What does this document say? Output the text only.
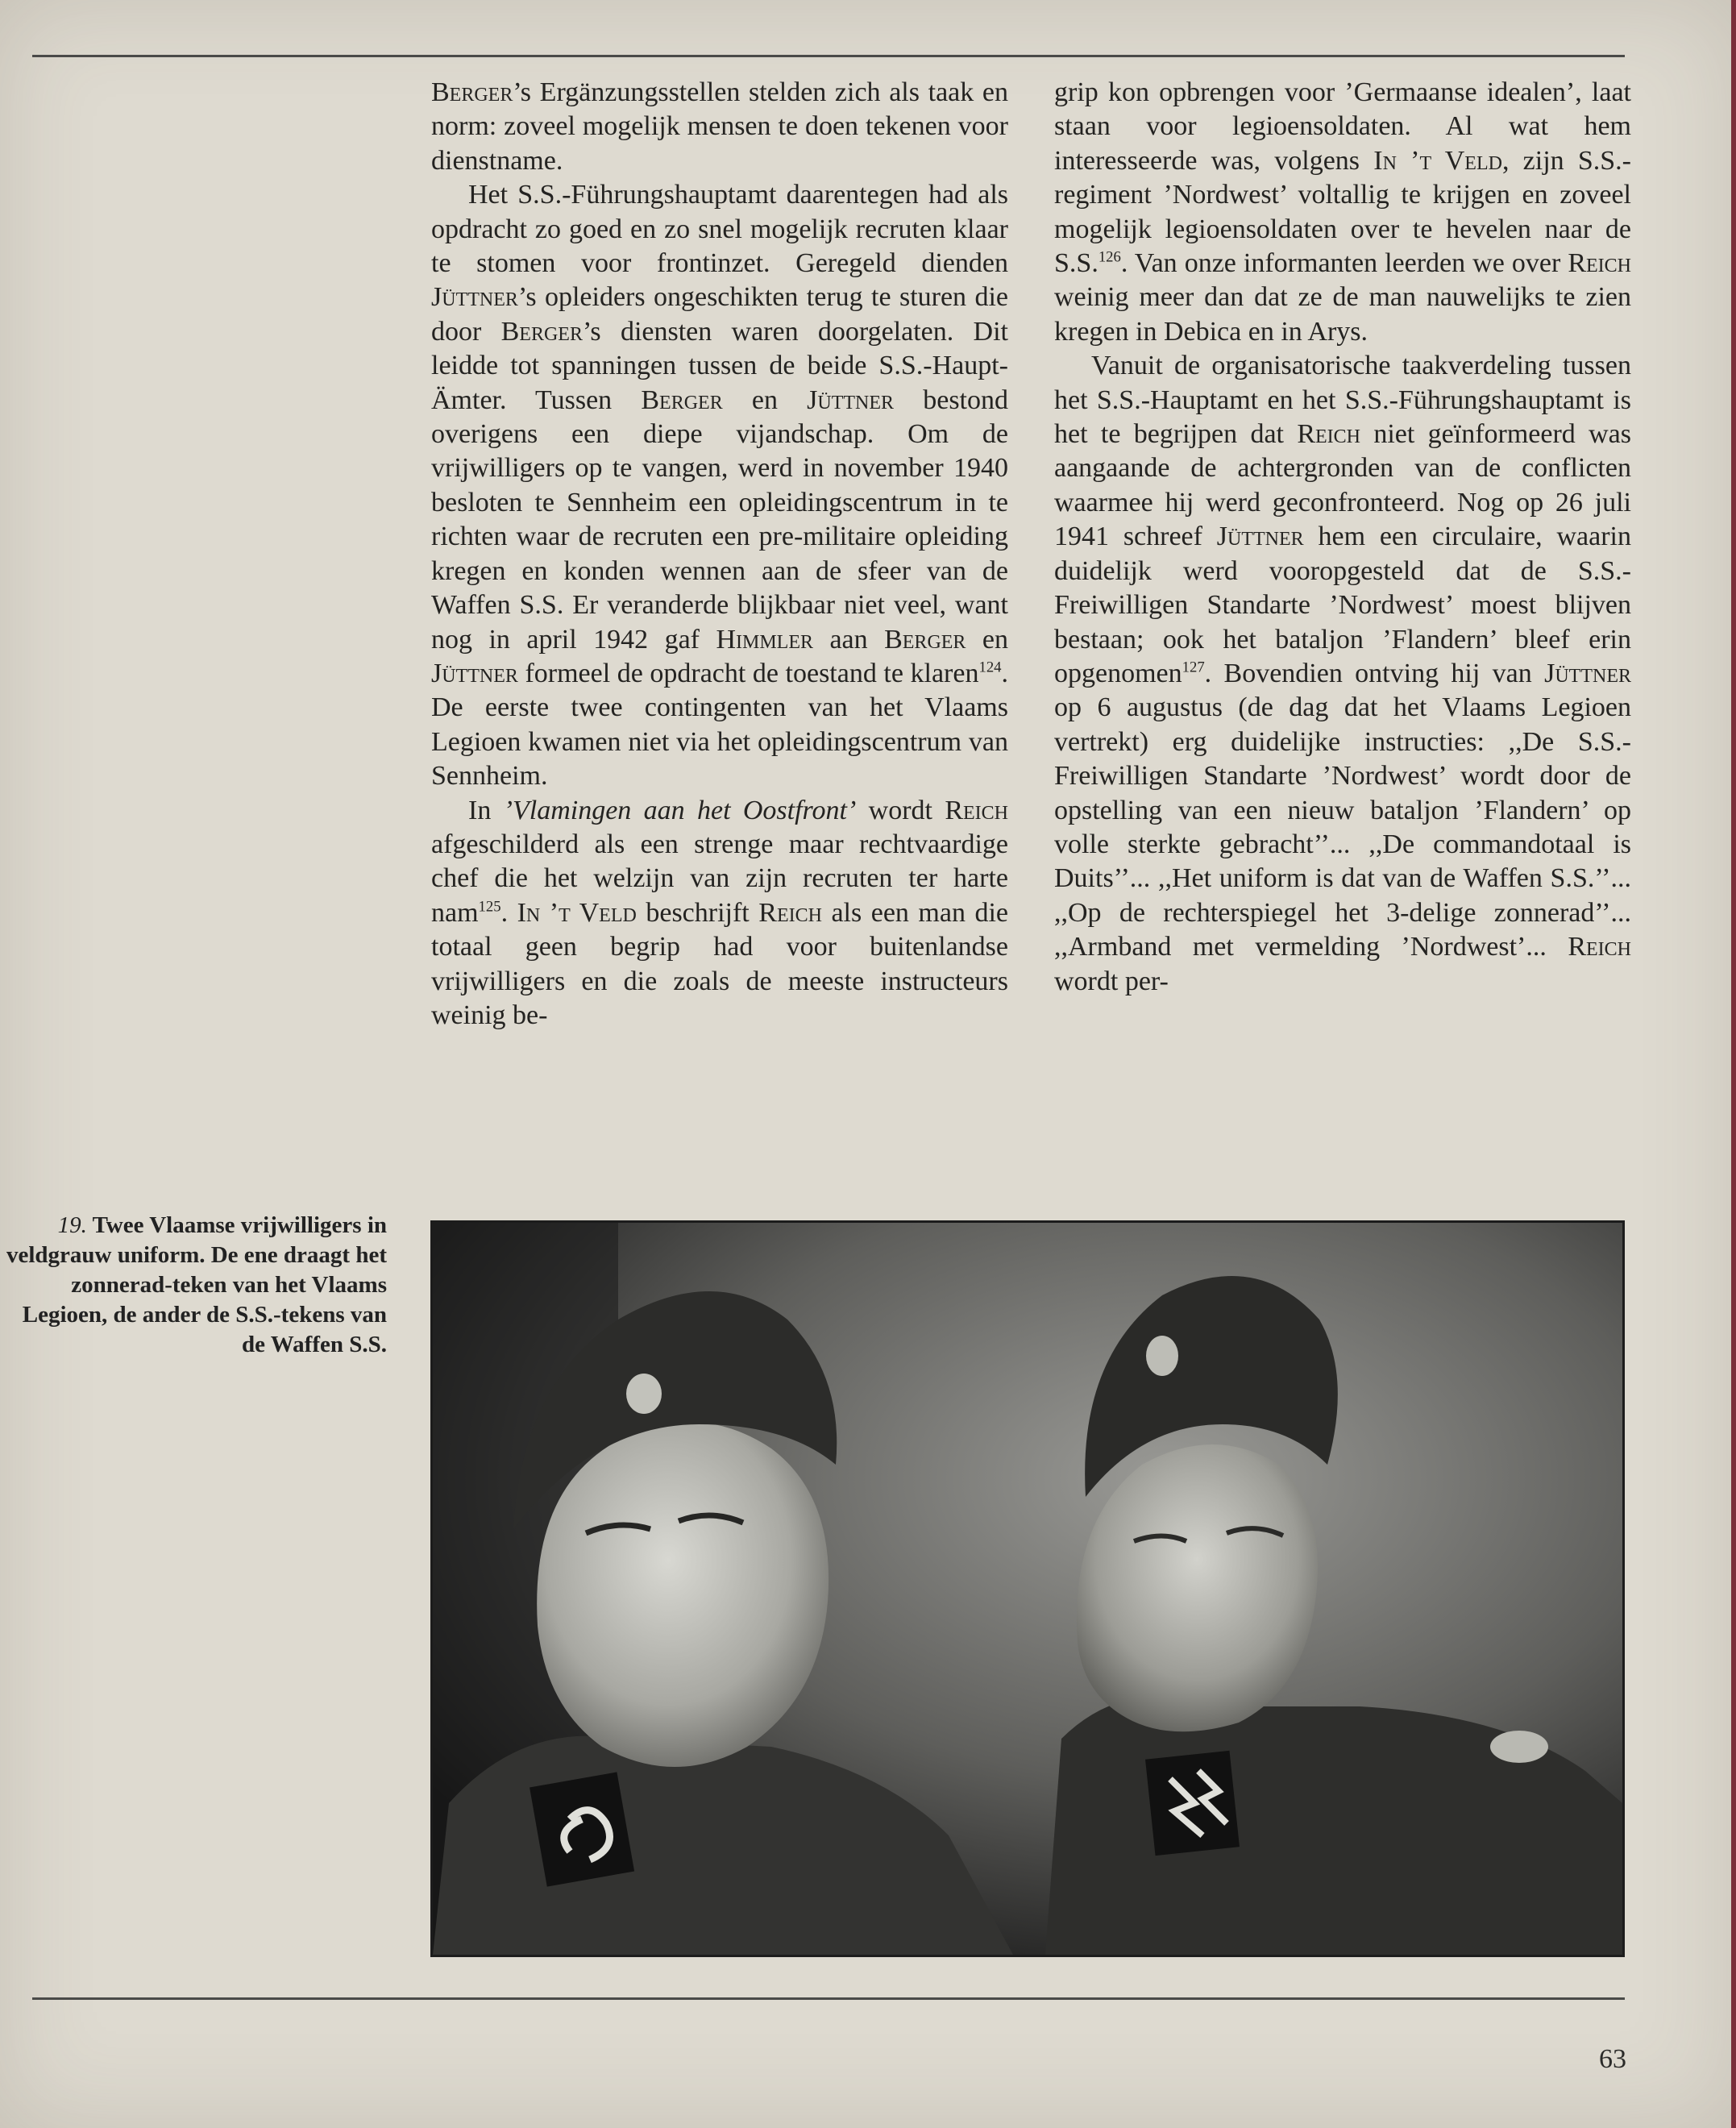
Berger’s Ergänzungsstellen stelden zich als taak en norm: zoveel mogelijk mensen te doen tekenen voor dienstname.

Het S.S.-Führungshauptamt daarentegen had als opdracht zo goed en zo snel mogelijk recruten klaar te stomen voor frontinzet. Geregeld dienden Jüttner’s opleiders ongeschikten terug te sturen die door Berger’s diensten waren doorgelaten. Dit leidde tot spanningen tussen de beide S.S.-Haupt-Ämter. Tussen Berger en Jüttner bestond overigens een diepe vijandschap. Om de vrijwilligers op te vangen, werd in november 1940 besloten te Sennheim een opleidingscentrum in te richten waar de recruten een pre-militaire opleiding kregen en konden wennen aan de sfeer van de Waffen S.S. Er veranderde blijkbaar niet veel, want nog in april 1942 gaf Himmler aan Berger en Jüttner formeel de opdracht de toestand te klaren$^{124}$. De eerste twee contingenten van het Vlaams Legioen kwamen niet via het opleidingscentrum van Sennheim.

In ’Vlamingen aan het Oostfront’ wordt Reich afgeschilderd als een strenge maar rechtvaardige chef die het welzijn van zijn recruten ter harte nam$^{125}$. In ’t Veld beschrijft Reich als een man die totaal geen begrip had voor buitenlandse vrijwilligers en die zoals de meeste instructeurs weinig be-

grip kon opbrengen voor ’Germaanse idealen’, laat staan voor legioensoldaten. Al wat hem interesseerde was, volgens In ’t Veld, zijn S.S.-regiment ’Nordwest’ voltallig te krijgen en zoveel mogelijk legioensoldaten over te hevelen naar de S.S.$^{126}$. Van onze informanten leerden we over Reich weinig meer dan dat ze de man nauwelijks te zien kregen in Debica en in Arys.

Vanuit de organisatorische taakverdeling tussen het S.S.-Hauptamt en het S.S.-Führungshauptamt is het te begrijpen dat Reich niet geïnformeerd was aangaande de achtergronden van de conflicten waarmee hij werd geconfronteerd. Nog op 26 juli 1941 schreef Jüttner hem een circulaire, waarin duidelijk werd vooropgesteld dat de S.S.-Freiwilligen Standarte ’Nordwest’ moest blijven bestaan; ook het bataljon ’Flandern’ bleef erin opgenomen$^{127}$. Bovendien ontving hij van Jüttner op 6 augustus (de dag dat het Vlaams Legioen vertrekt) erg duidelijke instructies: ,,De S.S.-Freiwilligen Standarte ’Nordwest’ wordt door de opstelling van een nieuw bataljon ’Flandern’ op volle sterkte gebracht’’... ,,De commandotaal is Duits’’... ,,Het uniform is dat van de Waffen S.S.’’... ,,Op de rechterspiegel het 3-delige zonnerad’’... ,,Armband met vermelding ’Nordwest’... Reich wordt per-

19. Twee Vlaamse vrijwilligers in veldgrauw uniform. De ene draagt het zonnerad-teken van het Vlaams Legioen, de ander de S.S.-tekens van de Waffen S.S.
63
